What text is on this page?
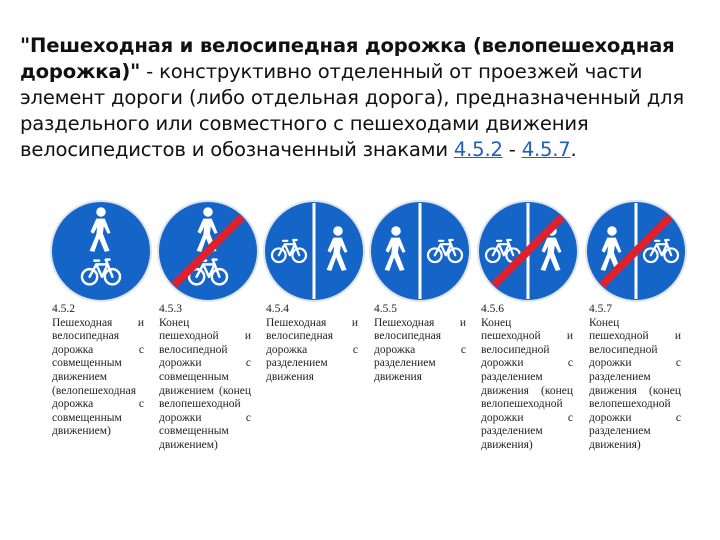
"Пешеходная и велосипедная дорожка (велопешеходная дорожка)" - конструктивно отделенный от проезжей части элемент дороги (либо отдельная дорога), предназначенный для раздельного или совместного с пешеходами движения велосипедистов и обозначенный знаками 4.5.2 - 4.5.7.
4.5.2
Пешеходная и велосипедная дорожка с совмещенным движением (велопешеходная дорожка с совмещенным движением)
4.5.3
Конец пешеходной и велосипедной дорожки с совмещенным движением (конец велопешеходной дорожки с совмещенным движением)
4.5.4
Пешеходная и велосипедная дорожка с разделением движения
4.5.5
Пешеходная и велосипедная дорожка с разделением движения
4.5.6
Конец пешеходной и велосипедной дорожки с разделением движения (конец велопешеходной дорожки с разделением движения)
4.5.7
Конец пешеходной и велосипедной дорожки с разделением движения (конец велопешеходной дорожки с разделением движения)
